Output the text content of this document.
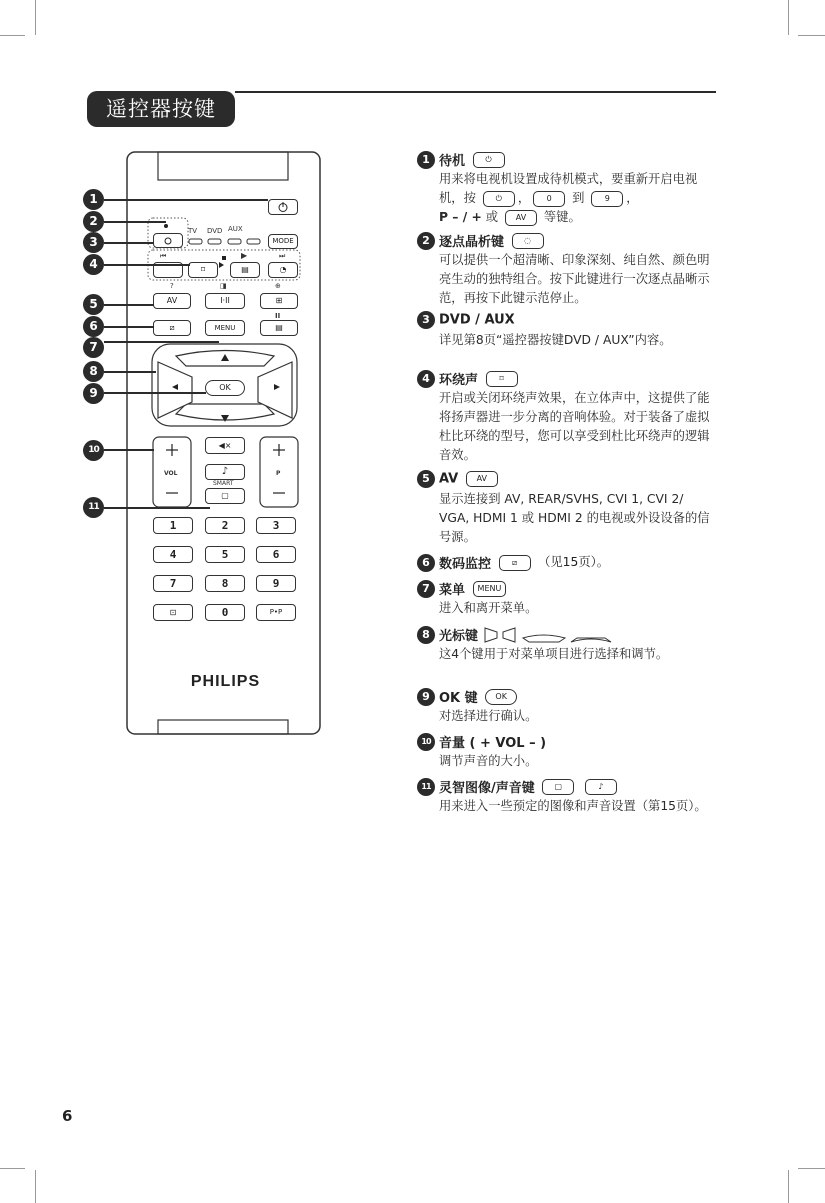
遥控器按键
TV DVD AUX
MODE
⏮	▶	⏭
⌑	▤	◔
?	◨	⊕
AV	I·II	⊞
II
⧄	MENU	▤
OK
VOL	P
◀×
♪
SMART
▢
1	2	3
4	5	6
7	8	9
⊡	0	P•P
PHILIPS
1
2
3
4
5
6
7
8
9
10
11
1 待机	⏻
用来将电视机设置成待机模式，要重新开启电视机，按 ⏻ ， 0 到	9 ，
P – / + 或 AV 等键。
2 逐点晶析键	◌
可以提供一个超清晰、印象深刻、纯自然、颜色明亮生动的独特组合。按下此键进行一次逐点晶晰示范，再按下此键示范停止。
3 DVD / AUX
详见第8页“遥控器按键DVD / AUX”内容。
4 环绕声	⌑
开启或关闭环绕声效果，在立体声中，这提供了能将扬声器进一步分离的音响体验。对于装备了虚拟杜比环绕的型号，您可以享受到杜比环绕声的逻辑音效。
5 AV AV
显示连接到 AV, REAR/SVHS, CVI 1, CVI 2/ VGA, HDMI 1 或 HDMI 2 的电视或外设设备的信号源。
6 数码监控	⧄ （见15页）。
7 菜单 MENU
进入和离开菜单。
8 光标键
这4个键用于对菜单项目进行选择和调节。
9 OK 键 OK
对选择进行确认。
10 音量 ( + VOL – )
调节声音的大小。
11 灵智图像/声音键 ▢	♪
用来进入一些预定的图像和声音设置（第15页）。
6
